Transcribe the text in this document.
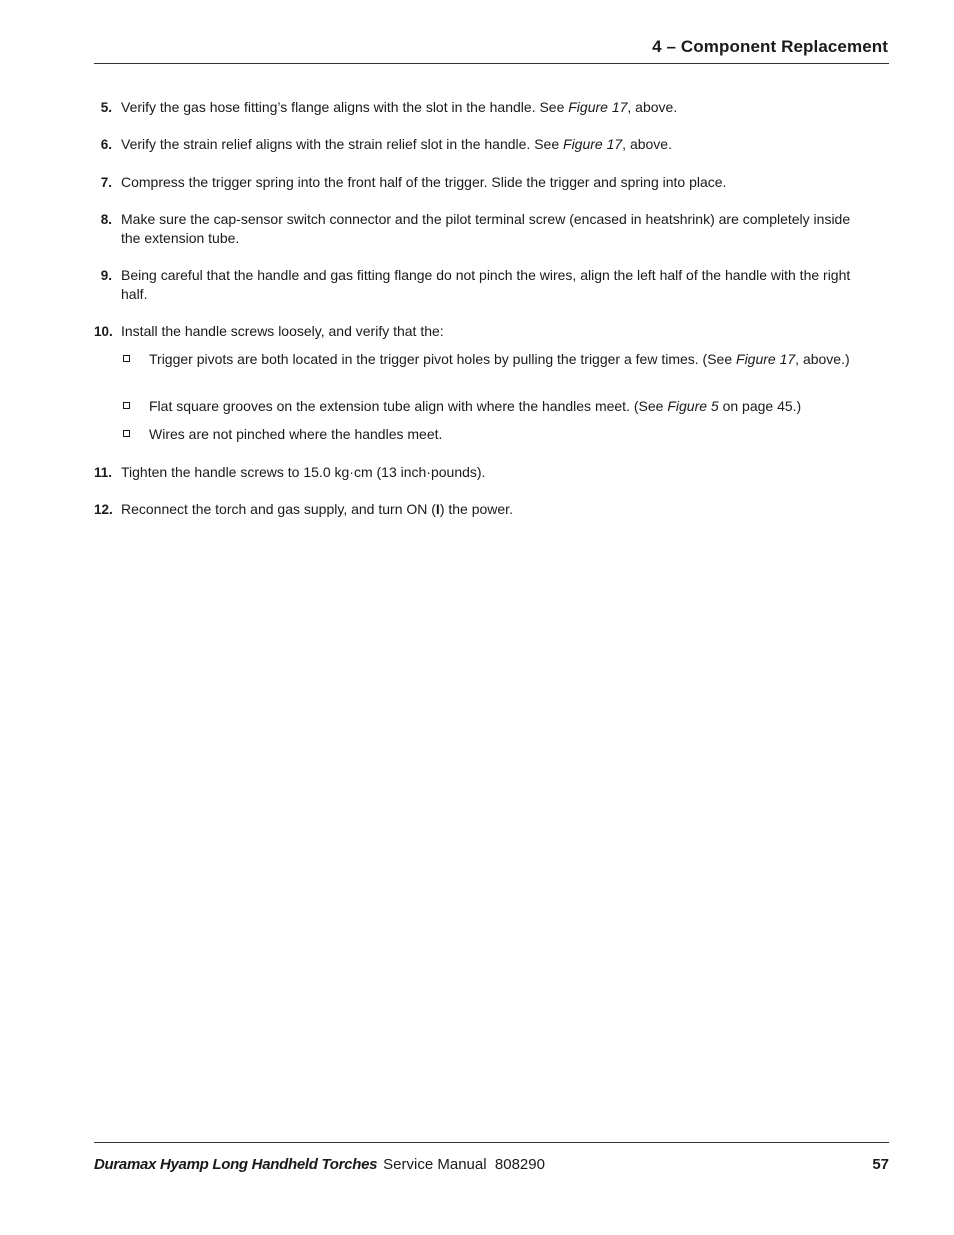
4 – Component Replacement
5. Verify the gas hose fitting’s flange aligns with the slot in the handle. See Figure 17, above.
6. Verify the strain relief aligns with the strain relief slot in the handle. See Figure 17, above.
7. Compress the trigger spring into the front half of the trigger. Slide the trigger and spring into place.
8. Make sure the cap-sensor switch connector and the pilot terminal screw (encased in heatshrink) are completely inside the extension tube.
9. Being careful that the handle and gas fitting flange do not pinch the wires, align the left half of the handle with the right half.
10. Install the handle screws loosely, and verify that the:
Trigger pivots are both located in the trigger pivot holes by pulling the trigger a few times. (See Figure 17, above.)
Flat square grooves on the extension tube align with where the handles meet. (See Figure 5 on page 45.)
Wires are not pinched where the handles meet.
11. Tighten the handle screws to 15.0 kg·cm (13 inch·pounds).
12. Reconnect the torch and gas supply, and turn ON (I) the power.
Duramax Hyamp Long Handheld Torches Service Manual  808290	57
